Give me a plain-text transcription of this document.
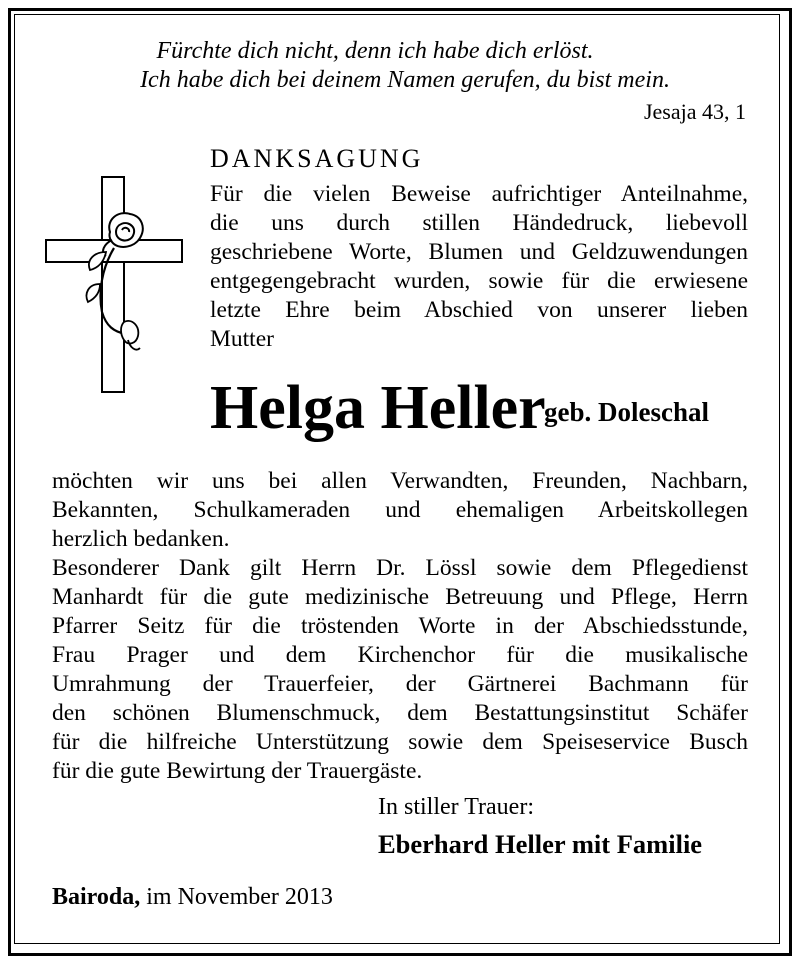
Fürchte dich nicht, denn ich habe dich erlöst.
Ich habe dich bei deinem Namen gerufen, du bist mein.
Jesaja 43, 1
DANKSAGUNG
Für die vielen Beweise aufrichtiger Anteilnahme,
die uns durch stillen Händedruck, liebevoll
geschriebene Worte, Blumen und Geldzuwendungen
entgegengebracht wurden, sowie für die erwiesene
letzte Ehre beim Abschied von unserer lieben
Mutter
Helga Heller
geb. Doleschal
möchten wir uns bei allen Verwandten, Freunden, Nachbarn,
Bekannten, Schulkameraden und ehemaligen Arbeitskollegen
herzlich bedanken.
Besonderer Dank gilt Herrn Dr. Lössl sowie dem Pflegedienst
Manhardt für die gute medizinische Betreuung und Pflege, Herrn
Pfarrer Seitz für die tröstenden Worte in der Abschiedsstunde,
Frau Prager und dem Kirchenchor für die musikalische
Umrahmung der Trauerfeier, der Gärtnerei Bachmann für
den schönen Blumenschmuck, dem Bestattungsinstitut Schäfer
für die hilfreiche Unterstützung sowie dem Speiseservice Busch
für die gute Bewirtung der Trauergäste.
In stiller Trauer:
Eberhard Heller mit Familie
Bairoda, im November 2013
